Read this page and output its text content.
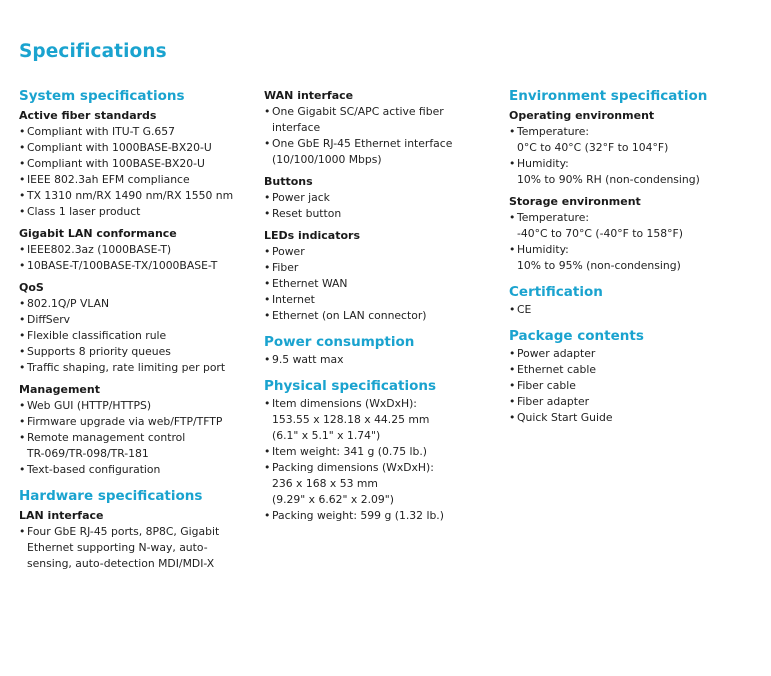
Specifications
System specifications
Active fiber standards
• Compliant with ITU-T G.657
• Compliant with 1000BASE-BX20-U
• Compliant with 100BASE-BX20-U
• IEEE 802.3ah EFM compliance
• TX 1310 nm/RX 1490 nm/RX 1550 nm
• Class 1 laser product
Gigabit LAN conformance
• IEEE802.3az (1000BASE-T)
• 10BASE-T/100BASE-TX/1000BASE-T
QoS
• 802.1Q/P VLAN
• DiffServ
• Flexible classification rule
• Supports 8 priority queues
• Traffic shaping, rate limiting per port
Management
• Web GUI (HTTP/HTTPS)
• Firmware upgrade via web/FTP/TFTP
• Remote management control
TR-069/TR-098/TR-181
• Text-based configuration
Hardware specifications
LAN interface
• Four GbE RJ-45 ports, 8P8C, Gigabit
Ethernet supporting N-way, auto-
sensing, auto-detection MDI/MDI-X
WAN interface
• One Gigabit SC/APC active fiber
interface
• One GbE RJ-45 Ethernet interface
(10/100/1000 Mbps)
Buttons
• Power jack
• Reset button
LEDs indicators
• Power
• Fiber
• Ethernet WAN
• Internet
• Ethernet (on LAN connector)
Power consumption
• 9.5 watt max
Physical specifications
• Item dimensions (WxDxH):
153.55 x 128.18 x 44.25 mm
(6.1" x 5.1" x 1.74")
• Item weight: 341 g (0.75 lb.)
• Packing dimensions (WxDxH):
236 x 168 x 53 mm
(9.29" x 6.62" x 2.09")
• Packing weight: 599 g (1.32 lb.)
Environment specification
Operating environment
• Temperature:
0°C to 40°C (32°F to 104°F)
• Humidity:
10% to 90% RH (non-condensing)
Storage environment
• Temperature:
-40°C to 70°C (-40°F to 158°F)
• Humidity:
10% to 95% (non-condensing)
Certification
• CE
Package contents
• Power adapter
• Ethernet cable
• Fiber cable
• Fiber adapter
• Quick Start Guide
